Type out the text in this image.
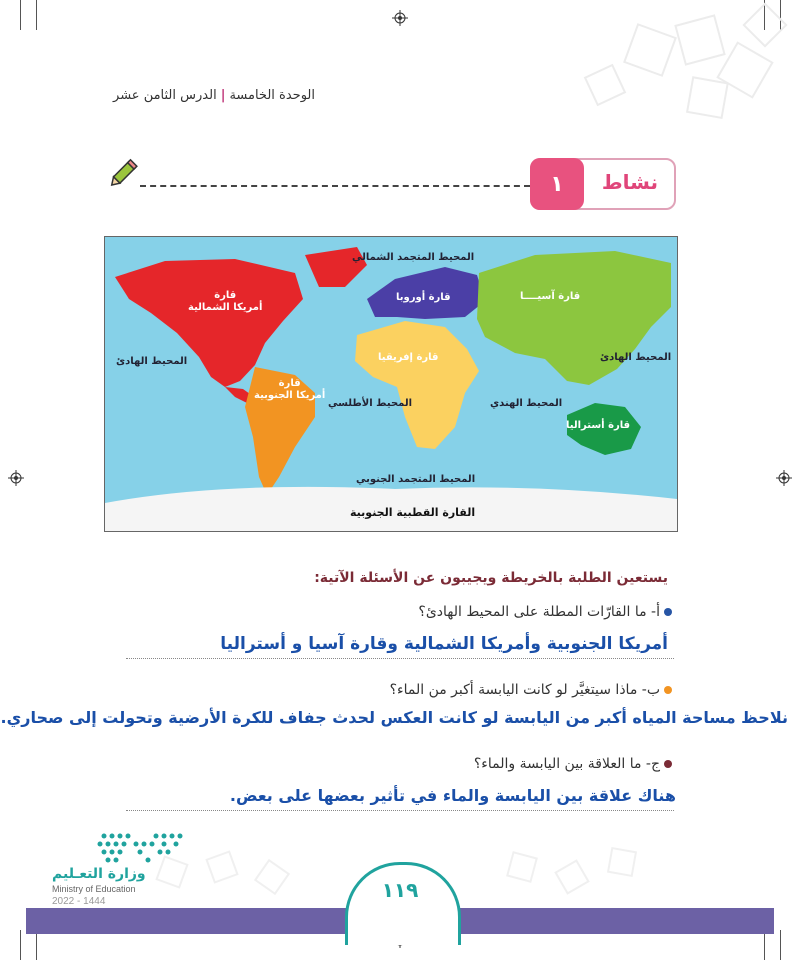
الوحدة الخامسة|الدرس الثامن عشر
نشاط
١
المحيط المتجمد الشمالي
قارة
أمريكا الشمالية
قارة أوروبا	قارة آسيــــا
المحيط الهادئ	المحيط الهادئ
قارة إفريقيا
قارة
أمريكا الجنوبية
المحيط الأطلسي	المحيط الهندي
قارة أستراليا
المحيط المتجمد الجنوبي
القارة القطبية الجنوبية
يستعين الطلبة بالخريطة ويجيبون عن الأسئلة الآتية:
أ- ما القارّات المطلة على المحيط الهادئ؟
أمريكا الجنوبية وأمريكا الشمالية وقارة آسيا و أستراليا
ب- ماذا سيتغيَّر لو كانت اليابسة أكبر من الماء؟
نلاحظ مساحة المياه أكبر من اليابسة لو كانت العكس لحدث جفاف للكرة الأرضية وتحولت إلى صحاري.
ج- ما العلاقة بين اليابسة والماء؟
هناك علاقة بين اليابسة والماء في تأثير بعضها على بعض.
وزارة التعـليم
Ministry of Education
2022 - 1444	١١٩
